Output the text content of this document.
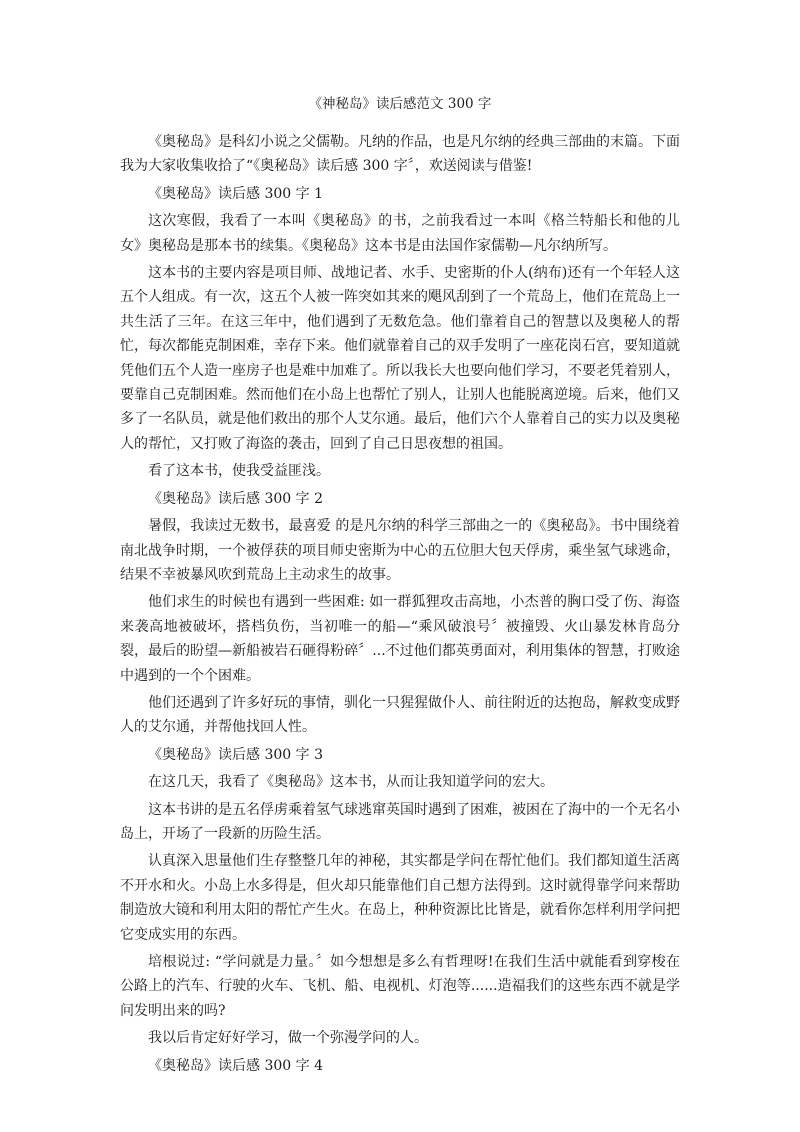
《神秘岛》读后感范文 300 字

《奥秘岛》是科幻小说之父儒勒。凡纳的作品，也是凡尔纳的经典三部曲的末篇。下面我为大家收集收拾了“《奥秘岛》读后感 300 字〞，欢送阅读与借鉴!

《奥秘岛》读后感 300 字 1

这次寒假，我看了一本叫《奥秘岛》的书，之前我看过一本叫《格兰特船长和他的儿女》奥秘岛是那本书的续集。《奥秘岛》这本书是由法国作家儒勒—凡尔纳所写。

这本书的主要内容是项目师、战地记者、水手、史密斯的仆人(纳布)还有一个年轻人这五个人组成。有一次，这五个人被一阵突如其来的飓风刮到了一个荒岛上，他们在荒岛上一共生活了三年。在这三年中，他们遇到了无数危急。他们靠着自己的智慧以及奥秘人的帮忙，每次都能克制困难，幸存下来。他们就靠着自己的双手发明了一座花岗石宫，要知道就凭他们五个人造一座房子也是难中加难了。所以我长大也要向他们学习，不要老凭着别人，要靠自己克制困难。然而他们在小岛上也帮忙了别人，让别人也能脱离逆境。后来，他们又多了一名队员，就是他们救出的那个人艾尔通。最后，他们六个人靠着自己的实力以及奥秘人的帮忙，又打败了海盗的袭击，回到了自己日思夜想的祖国。

看了这本书，使我受益匪浅。

《奥秘岛》读后感 300 字 2

暑假，我读过无数书，最喜爱 的是凡尔纳的科学三部曲之一的《奥秘岛》。书中围绕着南北战争时期，一个被俘获的项目师史密斯为中心的五位胆大包天俘虏，乘坐氢气球逃命，结果不幸被暴风吹到荒岛上主动求生的故事。

他们求生的时候也有遇到一些困难: 如一群狐狸攻击高地，小杰普的胸口受了伤、海盗来袭高地被破坏，搭档负伤，当初唯一的船—“乘风破浪号〞被撞毁、火山暴发林肯岛分裂，最后的盼望—新船被岩石砸得粉碎〞...不过他们都英勇面对，利用集体的智慧，打败途中遇到的一个个困难。

他们还遇到了许多好玩的事情，驯化一只猩猩做仆人、前往附近的达抱岛，解救变成野人的艾尔通，并帮他找回人性。

《奥秘岛》读后感 300 字 3

在这几天，我看了《奥秘岛》这本书，从而让我知道学问的宏大。

这本书讲的是五名俘虏乘着氢气球逃窜英国时遇到了困难，被困在了海中的一个无名小岛上，开场了一段新的历险生活。

认真深入思量他们生存整整几年的神秘，其实都是学问在帮忙他们。我们都知道生活离不开水和火。小岛上水多得是，但火却只能靠他们自己想方法得到。这时就得靠学问来帮助制造放大镜和利用太阳的帮忙产生火。在岛上，种种资源比比皆是，就看你怎样利用学问把它变成实用的东西。

培根说过: “学问就是力量。〞如今想想是多么有哲理呀!在我们生活中就能看到穿梭在公路上的汽车、行驶的火车、飞机、船、电视机、灯泡等......造福我们的这些东西不就是学问发明出来的吗?

我以后肯定好好学习，做一个弥漫学问的人。

《奥秘岛》读后感 300 字 4
